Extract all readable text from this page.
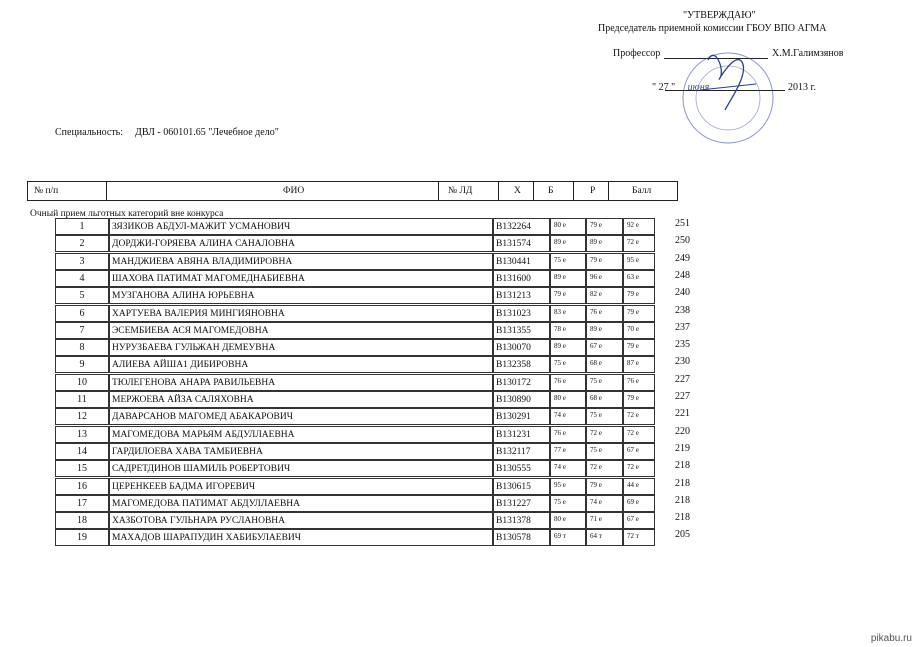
"УТВЕРЖДАЮ"
Председатель приемной комиссии ГБОУ ВПО АГМА
Профессор	Х.М.Галимзянов
" 27 " июня	2013 г.
Специальность: ДВЛ - 060101.65 "Лечебное дело"
№ п/п	ФИО	№ ЛД	Х	Б	Р	Балл
Очный прием льготных категорий вне конкурса
1	ЗЯЗИКОВ АБДУЛ-МАЖИТ УСМАНОВИЧ	В132264	80 е	79 е	92 е	251
2	ДОРДЖИ-ГОРЯЕВА АЛИНА САНАЛОВНА	В131574	89 е	89 е	72 е	250
3	МАНДЖИЕВА АВЯНА ВЛАДИМИРОВНА	В130441	75 е	79 е	95 е	249
4	ШАХОВА ПАТИМАТ МАГОМЕДНАБИЕВНА	В131600	89 е	96 е	63 е	248
5	МУЗГАНОВА АЛИНА ЮРЬЕВНА	В131213	79 е	82 е	79 е	240
6	ХАРТУЕВА ВАЛЕРИЯ МИНГИЯНОВНА	В131023	83 е	76 е	79 е	238
7	ЭСЕМБИЕВА АСЯ МАГОМЕДОВНА	В131355	78 е	89 е	70 е	237
8	НУРУЗБАЕВА ГУЛЬЖАН ДЕМЕУВНА	В130070	89 е	67 е	79 е	235
9	АЛИЕВА АЙША1 ДИБИРОВНА	В132358	75 е	68 е	87 е	230
10	ТЮЛЕГЕНОВА АНАРА РАВИЛЬЕВНА	В130172	76 е	75 е	76 е	227
11	МЕРЖОЕВА АЙЗА САЛЯХОВНА	В130890	80 е	68 е	79 е	227
12	ДАВАРСАНОВ МАГОМЕД АБАКАРОВИЧ	В130291	74 е	75 е	72 е	221
13	МАГОМЕДОВА МАРЬЯМ АБДУЛЛАЕВНА	В131231	76 е	72 е	72 е	220
14	ГАРДИЛОЕВА ХАВА ТАМБИЕВНА	В132117	77 е	75 е	67 е	219
15	САДРЕТДИНОВ ШАМИЛЬ РОБЕРТОВИЧ	В130555	74 е	72 е	72 е	218
16	ЦЕРЕНКЕЕВ БАДМА ИГОРЕВИЧ	В130615	95 е	79 е	44 е	218
17	МАГОМЕДОВА ПАТИМАТ АБДУЛЛАЕВНА	В131227	75 е	74 е	69 е	218
18	ХАЗБОТОВА ГУЛЬНАРА РУСЛАНОВНА	В131378	80 е	71 е	67 е	218
19	МАХАДОВ ШАРАПУДИН ХАБИБУЛАЕВИЧ	В130578	69 т	64 т	72 т	205
pikabu.ru
